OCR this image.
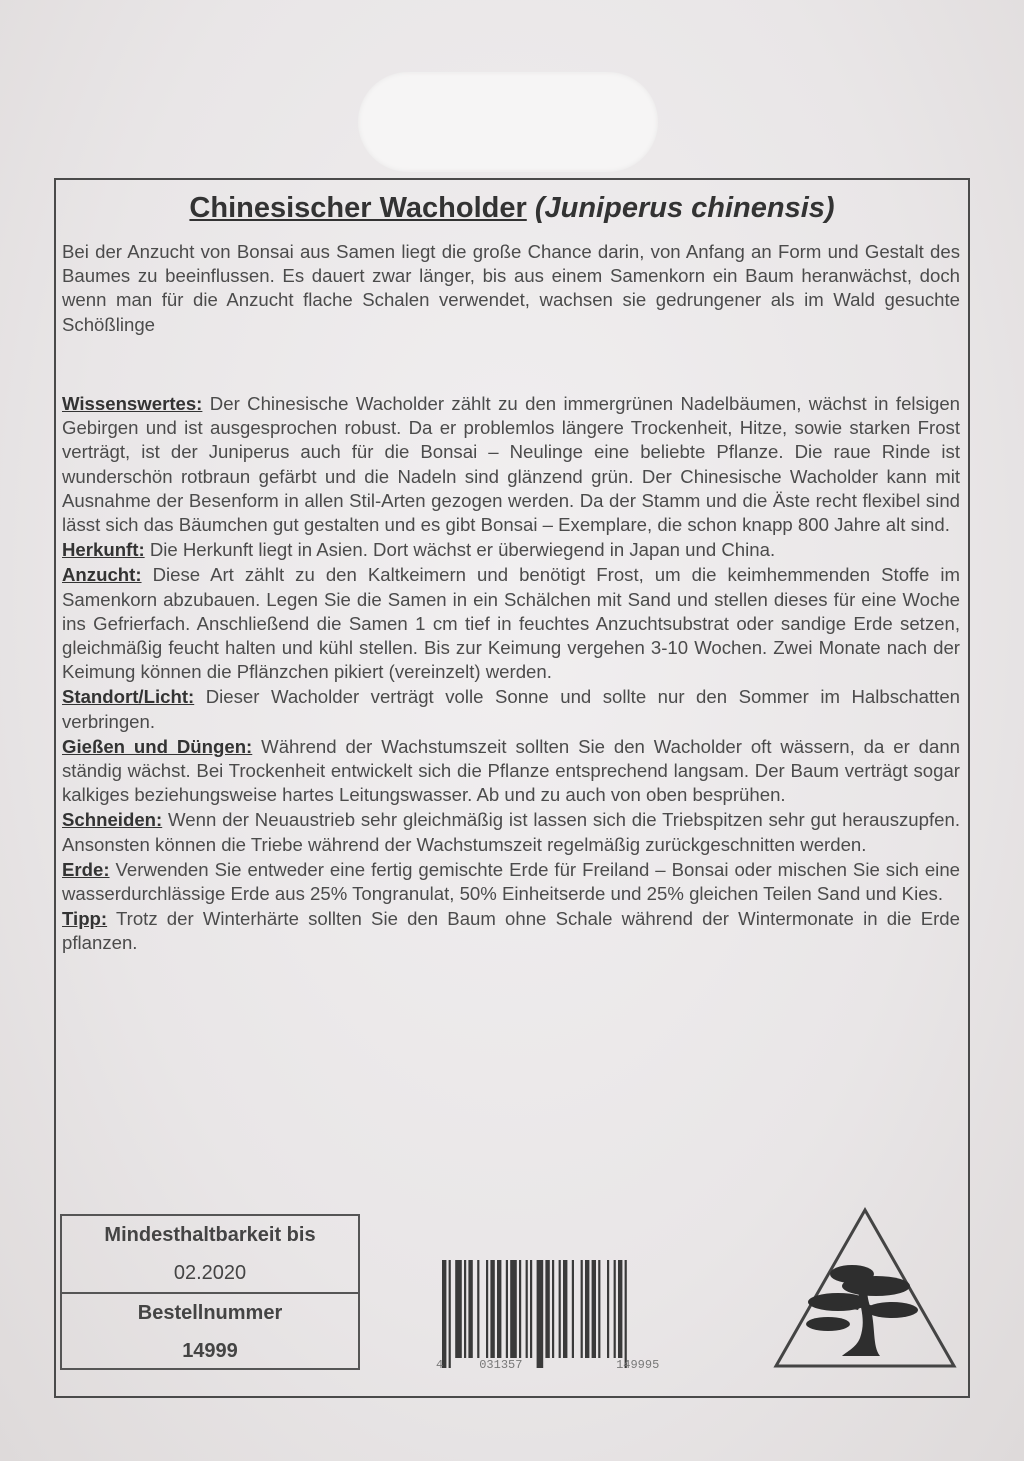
Chinesischer Wacholder (Juniperus chinensis)

Bei der Anzucht von Bonsai aus Samen liegt die große Chance darin, von Anfang an Form und Gestalt des Baumes zu beeinflussen. Es dauert zwar länger, bis aus einem Samenkorn ein Baum heranwächst, doch wenn man für die Anzucht flache Schalen verwendet, wachsen sie gedrungener als im Wald gesuchte Schößlinge

Wissenswertes: Der Chinesische Wacholder zählt zu den immergrünen Nadelbäumen, wächst in felsigen Gebirgen und ist ausgesprochen robust. Da er problemlos längere Trockenheit, Hitze, sowie starken Frost verträgt, ist der Juniperus auch für die Bonsai – Neulinge eine beliebte Pflanze. Die raue Rinde ist wunderschön rotbraun gefärbt und die Nadeln sind glänzend grün. Der Chinesische Wacholder kann mit Ausnahme der Besenform in allen Stil-Arten gezogen werden. Da der Stamm und die Äste recht flexibel sind lässt sich das Bäumchen gut gestalten und es gibt Bonsai – Exemplare, die schon knapp 800 Jahre alt sind.

Herkunft: Die Herkunft liegt in Asien. Dort wächst er überwiegend in Japan und China.

Anzucht: Diese Art zählt zu den Kaltkeimern und benötigt Frost, um die keimhemmenden Stoffe im Samenkorn abzubauen. Legen Sie die Samen in ein Schälchen mit Sand und stellen dieses für eine Woche ins Gefrierfach. Anschließend die Samen 1 cm tief in feuchtes Anzuchtsubstrat oder sandige Erde setzen, gleichmäßig feucht halten und kühl stellen. Bis zur Keimung vergehen 3-10 Wochen. Zwei Monate nach der Keimung können die Pflänzchen pikiert (vereinzelt) werden.

Standort/Licht: Dieser Wacholder verträgt volle Sonne und sollte nur den Sommer im Halbschatten verbringen.

Gießen und Düngen: Während der Wachstumszeit sollten Sie den Wacholder oft wässern, da er dann ständig wächst. Bei Trockenheit entwickelt sich die Pflanze entsprechend langsam. Der Baum verträgt sogar kalkiges beziehungsweise hartes Leitungswasser. Ab und zu auch von oben besprühen.

Schneiden: Wenn der Neuaustrieb sehr gleichmäßig ist lassen sich die Triebspitzen sehr gut herauszupfen. Ansonsten können die Triebe während der Wachstumszeit regelmäßig zurückgeschnitten werden.

Erde: Verwenden Sie entweder eine fertig gemischte Erde für Freiland – Bonsai oder mischen Sie sich eine wasserdurchlässige Erde aus 25% Tongranulat, 50% Einheitserde und 25% gleichen Teilen Sand und Kies.

Tipp: Trotz der Winterhärte sollten Sie den Baum ohne Schale während der Wintermonate in die Erde pflanzen.

Mindesthaltbarkeit bis
02.2020
Bestellnummer
14999
4	031357	149995
